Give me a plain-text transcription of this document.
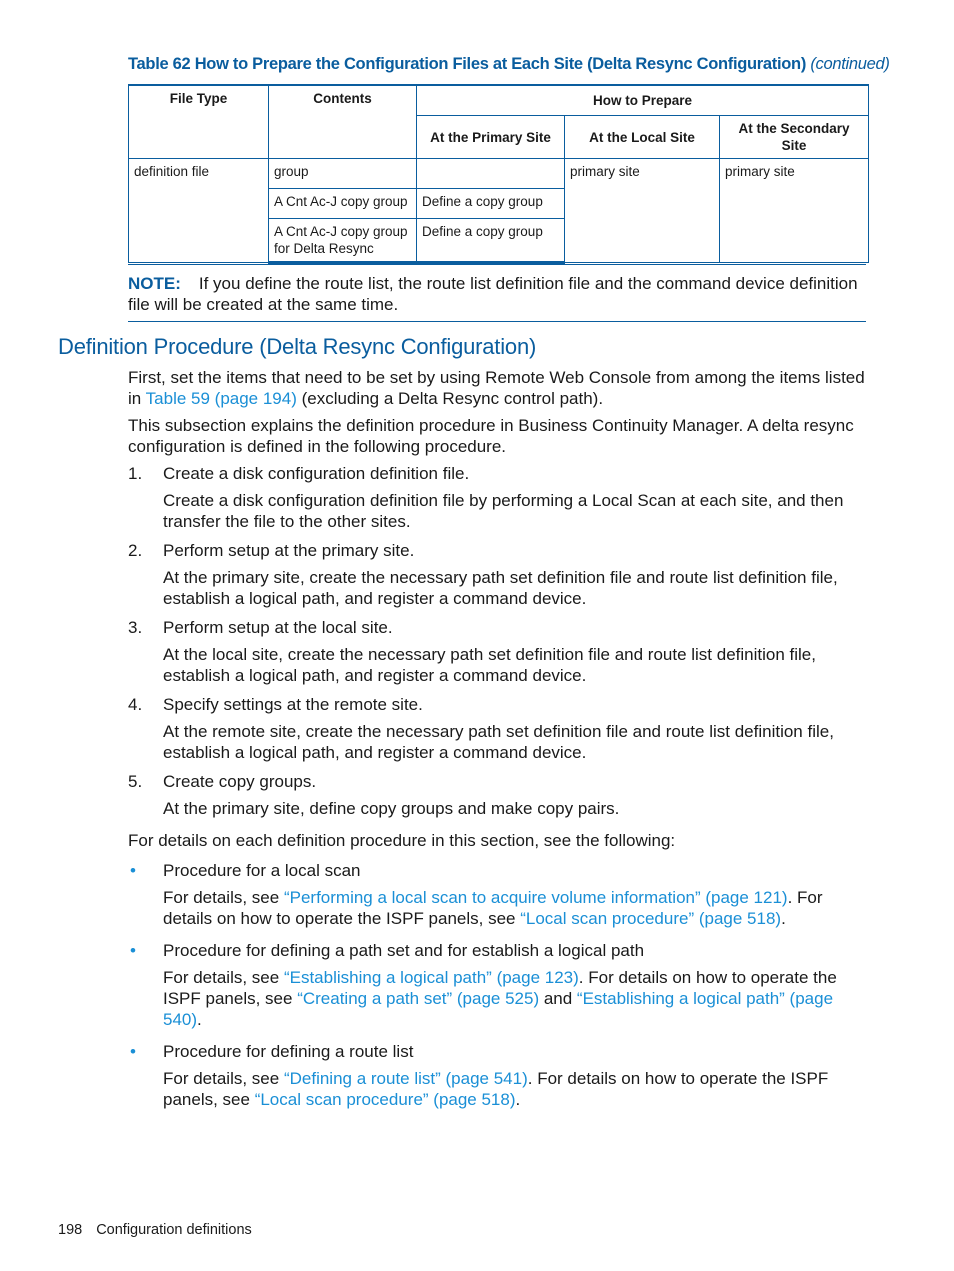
Table 62 How to Prepare the Configuration Files at Each Site (Delta Resync Configuration) (continued)
File Type	Contents	How to Prepare		
		At the Primary Site	At the Local Site	At the Secondary Site
definition file	group		primary site	primary site
	A Cnt Ac-J copy group	Define a copy group		
	A Cnt Ac-J copy group for Delta Resync	Define a copy group		
NOTE: If you define the route list, the route list definition file and the command device definition file will be created at the same time.
Definition Procedure (Delta Resync Configuration)

First, set the items that need to be set by using Remote Web Console from among the items listed in Table 59 (page 194) (excluding a Delta Resync control path).

This subsection explains the definition procedure in Business Continuity Manager. A delta resync configuration is defined in the following procedure.

1. Create a disk configuration definition file.
Create a disk configuration definition file by performing a Local Scan at each site, and then transfer the file to the other sites.
2. Perform setup at the primary site.
At the primary site, create the necessary path set definition file and route list definition file, establish a logical path, and register a command device.
3. Perform setup at the local site.
At the local site, create the necessary path set definition file and route list definition file, establish a logical path, and register a command device.
4. Specify settings at the remote site.
At the remote site, create the necessary path set definition file and route list definition file, establish a logical path, and register a command device.
5. Create copy groups.
At the primary site, define copy groups and make copy pairs.

For details on each definition procedure in this section, see the following:

• Procedure for a local scan
For details, see “Performing a local scan to acquire volume information” (page 121). For details on how to operate the ISPF panels, see “Local scan procedure” (page 518).
• Procedure for defining a path set and for establish a logical path
For details, see “Establishing a logical path” (page 123). For details on how to operate the ISPF panels, see “Creating a path set” (page 525) and “Establishing a logical path” (page 540).
• Procedure for defining a route list
For details, see “Defining a route list” (page 541). For details on how to operate the ISPF panels, see “Local scan procedure” (page 518).
198 Configuration definitions
